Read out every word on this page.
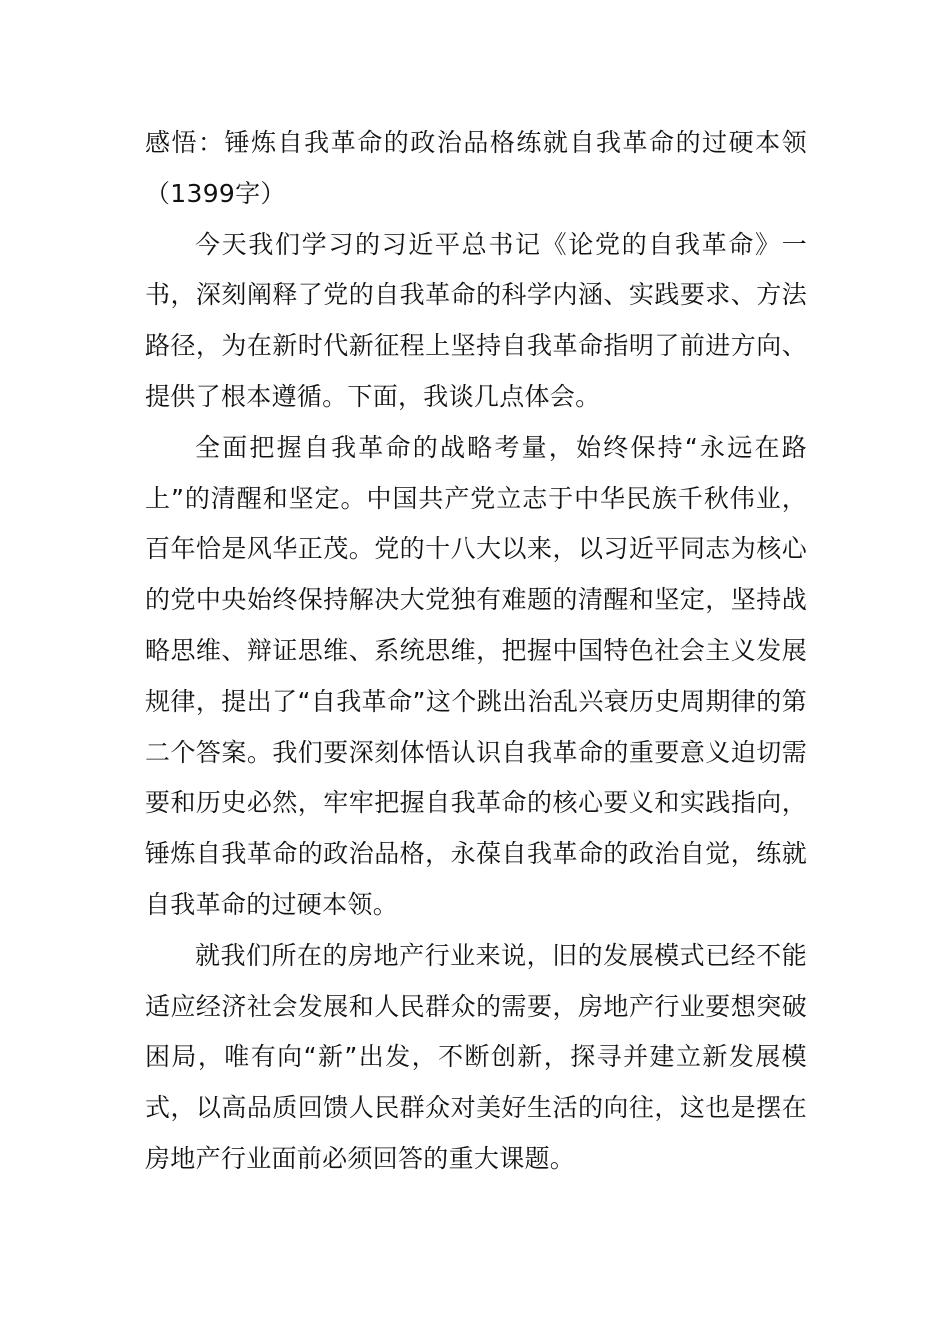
感悟：锤炼自我革命的政治品格练就自我革命的过硬本领（1399字）

今天我们学习的习近平总书记《论党的自我革命》一书，深刻阐释了党的自我革命的科学内涵、实践要求、方法路径，为在新时代新征程上坚持自我革命指明了前进方向、提供了根本遵循。下面，我谈几点体会。

全面把握自我革命的战略考量，始终保持“永远在路上”的清醒和坚定。中国共产党立志于中华民族千秋伟业，百年恰是风华正茂。党的十八大以来，以习近平同志为核心的党中央始终保持解决大党独有难题的清醒和坚定，坚持战略思维、辩证思维、系统思维，把握中国特色社会主义发展规律，提出了“自我革命”这个跳出治乱兴衰历史周期律的第二个答案。我们要深刻体悟认识自我革命的重要意义迫切需要和历史必然，牢牢把握自我革命的核心要义和实践指向，锤炼自我革命的政治品格，永葆自我革命的政治自觉，练就自我革命的过硬本领。

就我们所在的房地产行业来说，旧的发展模式已经不能适应经济社会发展和人民群众的需要，房地产行业要想突破困局，唯有向“新”出发，不断创新，探寻并建立新发展模式，以高品质回馈人民群众对美好生活的向往，这也是摆在房地产行业面前必须回答的重大课题。
